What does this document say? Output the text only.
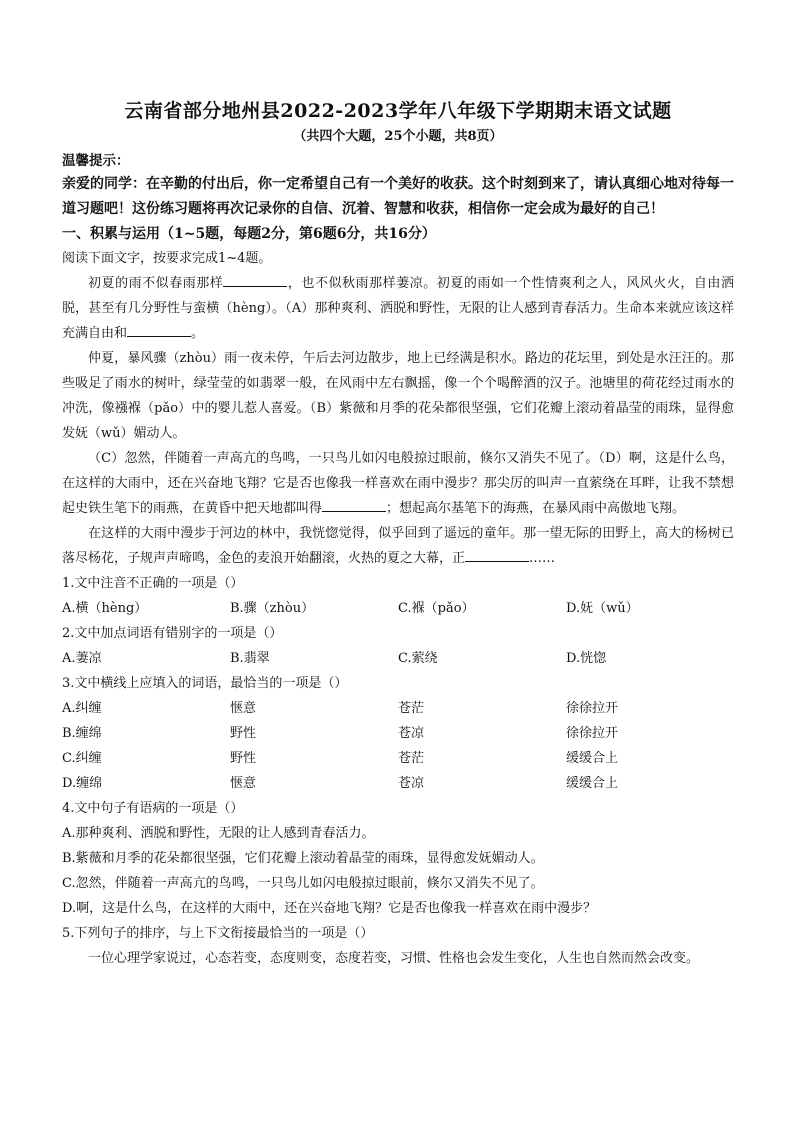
云南省部分地州县2022-2023学年八年级下学期期末语文试题
（共四个大题，25个小题，共8页）

温馨提示：

亲爱的同学：在辛勤的付出后，你一定希望自己有一个美好的收获。这个时刻到来了，请认真细心地对待每一道习题吧！这份练习题将再次记录你的自信、沉着、智慧和收获，相信你一定会成为最好的自己！

一、积累与运用（1~5题，每题2分，第6题6分，共16分）

阅读下面文字，按要求完成1~4题。

初夏的雨不似春雨那样	，也不似秋雨那样萋凉。初夏的雨如一个性情爽利之人，风风火火，自由洒脱，甚至有几分野性与蛮横（hèng）。（A）那种爽利、洒脱和野性，无限的让人感到青春活力。生命本来就应该这样充满自由和	。

仲夏，暴风骤（zhòu）雨一夜未停，午后去河边散步，地上已经满是积水。路边的花坛里，到处是水汪汪的。那些吸足了雨水的树叶，绿莹莹的如翡翠一般，在风雨中左右飘摇，像一个个喝醉酒的汉子。池塘里的荷花经过雨水的冲洗，像襁褓（pǎo）中的婴儿惹人喜爱。（B）紫薇和月季的花朵都很坚强，它们花瓣上滚动着晶莹的雨珠，显得愈发妩（wǔ）媚动人。

（C）忽然，伴随着一声高亢的鸟鸣，一只鸟儿如闪电般掠过眼前，倏尔又消失不见了。（D）啊，这是什么鸟，在这样的大雨中，还在兴奋地飞翔？它是否也像我一样喜欢在雨中漫步？那尖厉的叫声一直萦绕在耳畔，让我不禁想起史铁生笔下的雨燕，在黄昏中把天地都叫得	；想起高尔基笔下的海燕，在暴风雨中高傲地飞翔。

在这样的大雨中漫步于河边的林中，我恍惚觉得，似乎回到了遥远的童年。那一望无际的田野上，高大的杨树已落尽杨花，子规声声啼鸣，金色的麦浪开始翻滚，火热的夏之大幕，正	……

1.文中注音不正确的一项是（）

A.横（hèng）	B.骤（zhòu）	C.褓（pǎo）	D.妩（wǔ）

2.文中加点词语有错别字的一项是（）

A.萋凉	B.翡翠	C.萦绕	D.恍惚

3.文中横线上应填入的词语，最恰当的一项是（）

A.纠缠	惬意	苍茫	徐徐拉开
B.缠绵	野性	苍凉	徐徐拉开
C.纠缠	野性	苍茫	缓缓合上
D.缠绵	惬意	苍凉	缓缓合上

4.文中句子有语病的一项是（）

A.那种爽利、洒脱和野性，无限的让人感到青春活力。

B.紫薇和月季的花朵都很坚强，它们花瓣上滚动着晶莹的雨珠，显得愈发妩媚动人。

C.忽然，伴随着一声高亢的鸟鸣，一只鸟儿如闪电般掠过眼前，倏尔又消失不见了。

D.啊，这是什么鸟，在这样的大雨中，还在兴奋地飞翔？它是否也像我一样喜欢在雨中漫步？

5.下列句子的排序，与上下文衔接最恰当的一项是（）

一位心理学家说过，心态若变，态度则变，态度若变，习惯、性格也会发生变化，人生也自然而然会改变。
